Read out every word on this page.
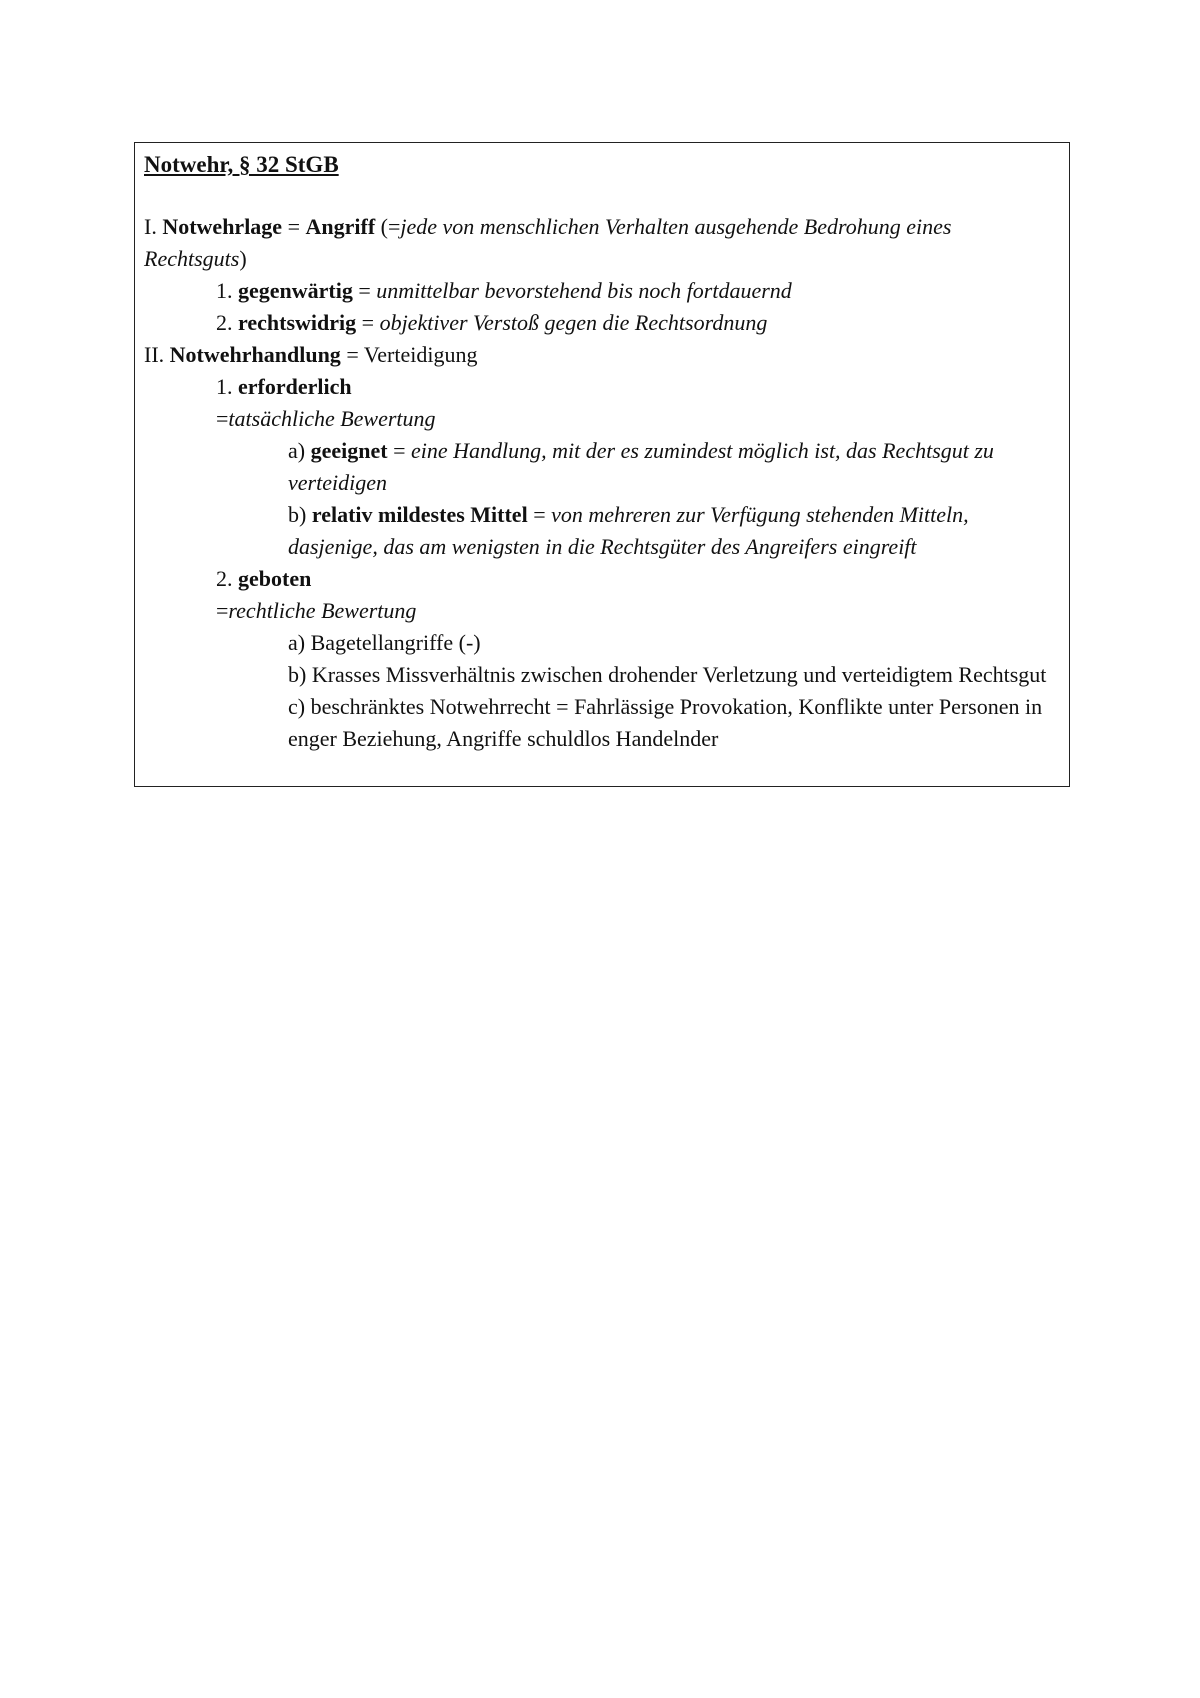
Notwehr, § 32 StGB
I. Notwehrlage = Angriff (=jede von menschlichen Verhalten ausgehende Bedrohung eines Rechtsguts)
1. gegenwärtig = unmittelbar bevorstehend bis noch fortdauernd
2. rechtswidrig = objektiver Verstoß gegen die Rechtsordnung
II. Notwehrhandlung = Verteidigung
1. erforderlich
=tatsächliche Bewertung
a) geeignet = eine Handlung, mit der es zumindest möglich ist, das Rechtsgut zu verteidigen
b) relativ mildestes Mittel = von mehreren zur Verfügung stehenden Mitteln, dasjenige, das am wenigsten in die Rechtsgüter des Angreifers eingreift
2. geboten
=rechtliche Bewertung
a) Bagetellangriffe (-)
b) Krasses Missverhältnis zwischen drohender Verletzung und verteidigtem Rechtsgut
c) beschränktes Notwehrrecht = Fahrlässige Provokation, Konflikte unter Personen in enger Beziehung, Angriffe schuldlos Handelnder
